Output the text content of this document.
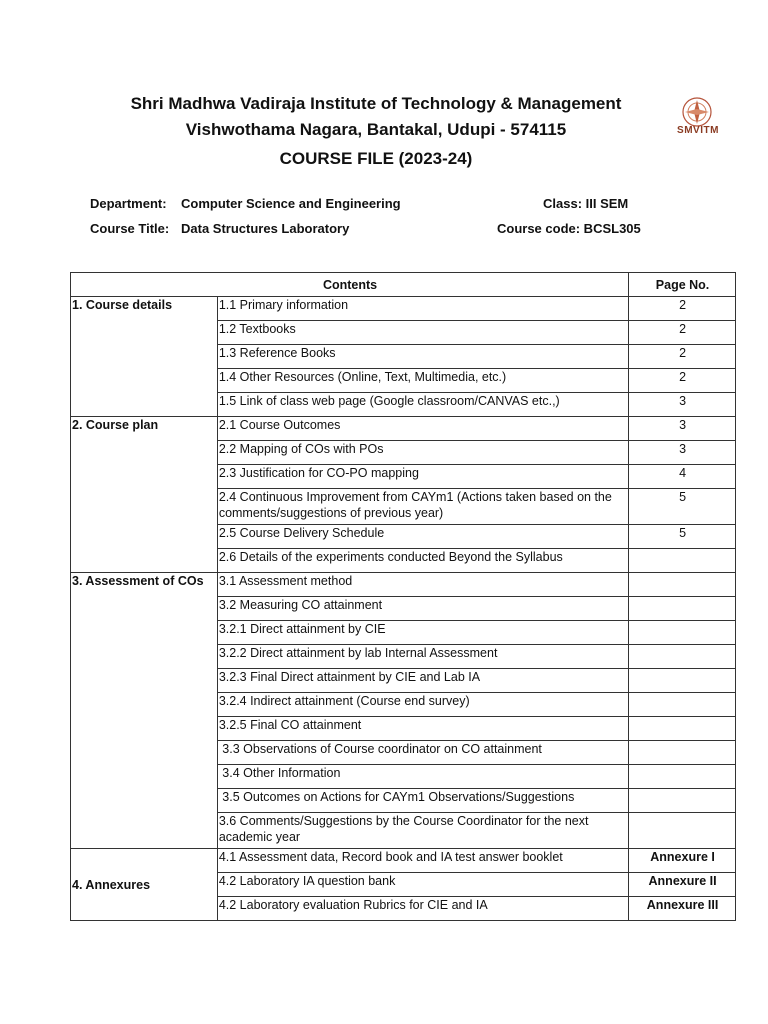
Shri Madhwa Vadiraja Institute of Technology & Management
Vishwothama Nagara, Bantakal, Udupi - 574115
COURSE FILE (2023-24)
SMVITM
Department: Computer Science and Engineering	Class: III SEM
Course Title: Data Structures Laboratory	Course code: BCSL305
Contents		Page No.
1. Course details	1.1 Primary information	2
	1.2 Textbooks	2
	1.3 Reference Books	2
	1.4 Other Resources (Online, Text, Multimedia, etc.)	2
	1.5 Link of class web page (Google classroom/CANVAS etc.,)	3
2. Course plan	2.1 Course Outcomes	3
	2.2 Mapping of COs with POs	3
	2.3 Justification for CO-PO mapping	4
	2.4 Continuous Improvement from CAYm1 (Actions taken based on the comments/suggestions of previous year)	5
	2.5 Course Delivery Schedule	5
	2.6 Details of the experiments conducted Beyond the Syllabus	
3. Assessment of COs	3.1 Assessment method	
	3.2 Measuring CO attainment	
	3.2.1 Direct attainment by CIE	
	3.2.2 Direct attainment by lab Internal Assessment	
	3.2.3 Final Direct attainment by CIE and Lab IA	
	3.2.4 Indirect attainment (Course end survey)	
	3.2.5 Final CO attainment	
	3.3 Observations of Course coordinator on CO attainment	
	3.4 Other Information	
	3.5 Outcomes on Actions for CAYm1 Observations/Suggestions	
	3.6 Comments/Suggestions by the Course Coordinator for the next academic year	
4. Annexures	4.1 Assessment data, Record book and IA test answer booklet	Annexure I
	4.2 Laboratory IA question bank	Annexure II
	4.2 Laboratory evaluation Rubrics for CIE and IA	Annexure III
